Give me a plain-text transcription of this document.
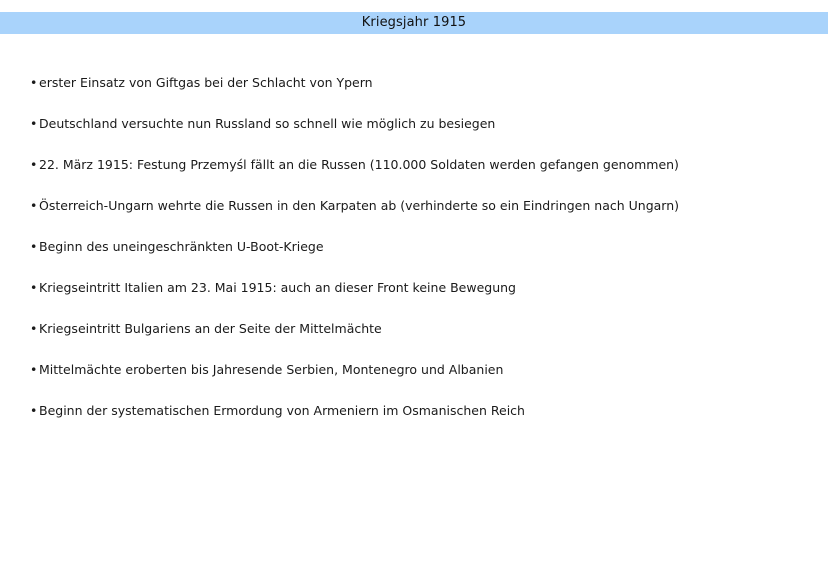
Kriegsjahr 1915
• erster Einsatz von Giftgas bei der Schlacht von Ypern
• Deutschland versuchte nun Russland so schnell wie möglich zu besiegen
• 22. März 1915: Festung Przemyśl fällt an die Russen (110.000 Soldaten werden gefangen genommen)
• Österreich-Ungarn wehrte die Russen in den Karpaten ab (verhinderte so ein Eindringen nach Ungarn)
• Beginn des uneingeschränkten U-Boot-Kriege
• Kriegseintritt Italien am 23. Mai 1915: auch an dieser Front keine Bewegung
• Kriegseintritt Bulgariens an der Seite der Mittelmächte
• Mittelmächte eroberten bis Jahresende Serbien, Montenegro und Albanien
• Beginn der systematischen Ermordung von Armeniern im Osmanischen Reich
